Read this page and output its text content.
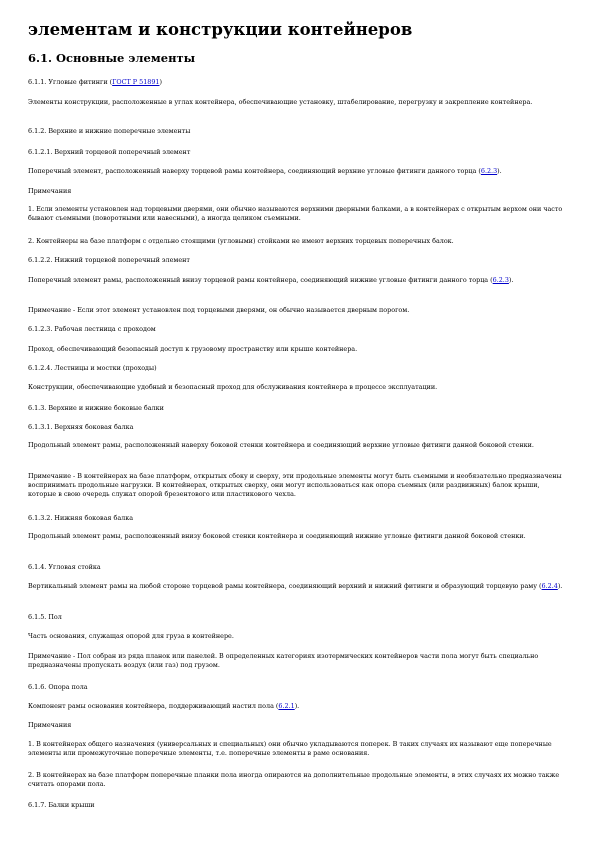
элементам и конструкции контейнеров
6.1. Основные элементы
6.1.1. Угловые фитинги (ГОСТ Р 51891)
Элементы конструкции, расположенные в углах контейнера, обеспечивающие установку, штабелирование, перегрузку и закрепление контейнера.
6.1.2. Верхние и нижние поперечные элементы
6.1.2.1. Верхний торцевой поперечный элемент
Поперечный элемент, расположенный наверху торцевой рамы контейнера, соединяющий верхние угловые фитинги данного торца (6.2.3).
Примечания
1. Если элементы установлен над торцевыми дверями, они обычно называются верхними дверными балками, а в контейнерах с открытым верхом они часто бывают съемными (поворотными или навесными), а иногда целиком съемными.
2. Контейнеры на базе платформ с отдельно стоящими (угловыми) стойками не имеют верхних торцевых поперечных балок.
6.1.2.2. Нижний торцевой поперечный элемент
Поперечный элемент рамы, расположенный внизу торцевой рамы контейнера, соединяющий нижние угловые фитинги данного торца (6.2.3).
Примечание - Если этот элемент установлен под торцевыми дверями, он обычно называется дверным порогом.
6.1.2.3. Рабочая лестница с проходом
Проход, обеспечивающий безопасный доступ к грузовому пространству или крыше контейнера.
6.1.2.4. Лестницы и мостки (проходы)
Конструкции, обеспечивающие удобный и безопасный проход для обслуживания контейнера в процессе эксплуатации.
6.1.3. Верхние и нижние боковые балки
6.1.3.1. Верхняя боковая балка
Продольный элемент рамы, расположенный наверху боковой стенки контейнера и соединяющий верхние угловые фитинги данной боковой стенки.
Примечание - В контейнерах на базе платформ, открытых сбоку и сверху, эти продольные элементы могут быть съемными и необязательно предназначены воспринимать продольные нагрузки. В контейнерах, открытых сверху, они могут использоваться как опора съемных (или раздвижных) балок крыши, которые в свою очередь служат опорой брезентового или пластикового чехла.
6.1.3.2. Нижняя боковая балка
Продольный элемент рамы, расположенный внизу боковой стенки контейнера и соединяющий нижние угловые фитинги данной боковой стенки.
6.1.4. Угловая стойка
Вертикальный элемент рамы на любой стороне торцевой рамы контейнера, соединяющий верхний и нижний фитинги и образующий торцевую раму (6.2.4).
6.1.5. Пол
Часть основания, служащая опорой для груза в контейнере.
Примечание - Пол собран из ряда планок или панелей. В определенных категориях изотермических контейнеров части пола могут быть специально предназначены пропускать воздух (или газ) под грузом.
6.1.6. Опора пола
Компонент рамы основания контейнера, поддерживающий настил пола (6.2.1).
Примечания
1. В контейнерах общего назначения (универсальных и специальных) они обычно укладываются поперек. В таких случаях их называют еще поперечные элементы или промежуточные поперечные элементы, т.е. поперечные элементы в раме основания.
2. В контейнерах на базе платформ поперечные планки пола иногда опираются на дополнительные продольные элементы, в этих случаях их можно также считать опорами пола.
6.1.7. Балки крыши
